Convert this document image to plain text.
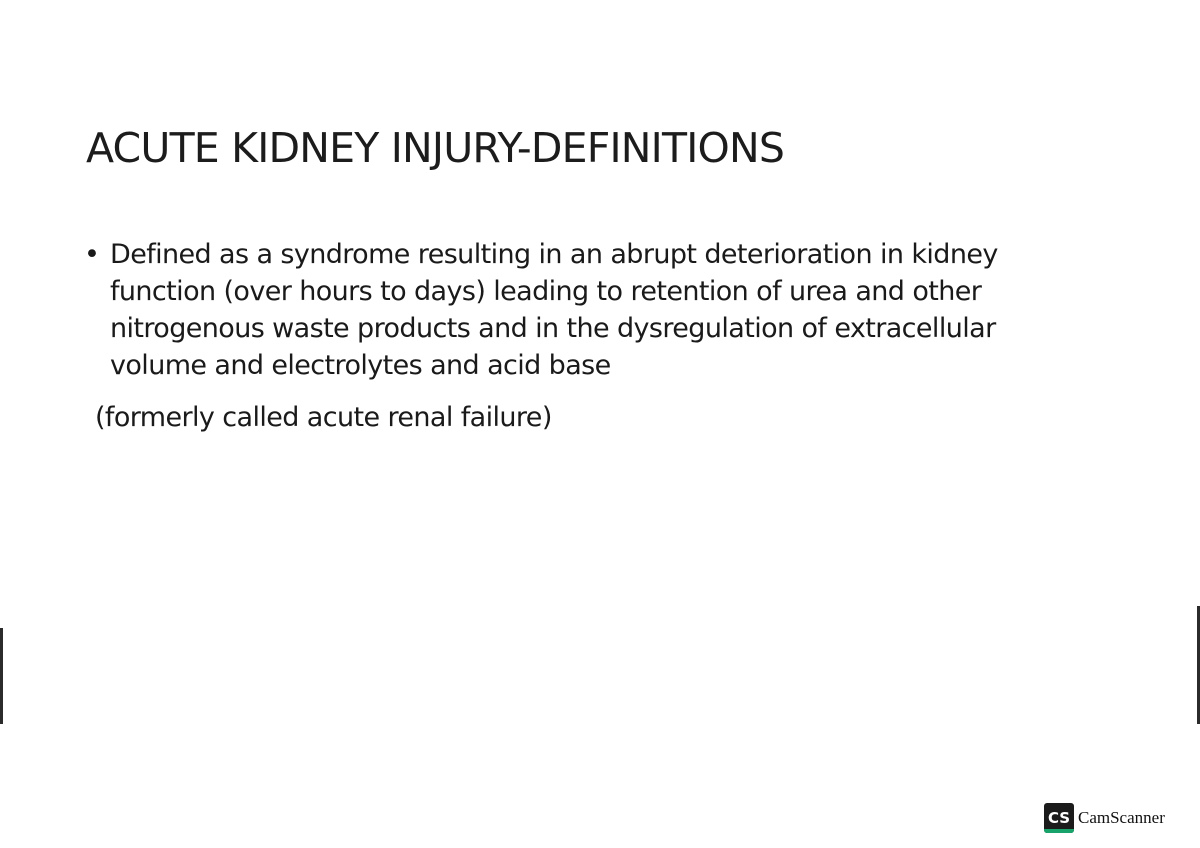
ACUTE KIDNEY INJURY-DEFINITIONS
• Defined as a syndrome resulting in an abrupt deterioration in kidney
function (over hours to days) leading to retention of urea and other
nitrogenous waste products and in the dysregulation of extracellular
volume and electrolytes and acid base

(formerly called acute renal failure)

CS CamScanner
